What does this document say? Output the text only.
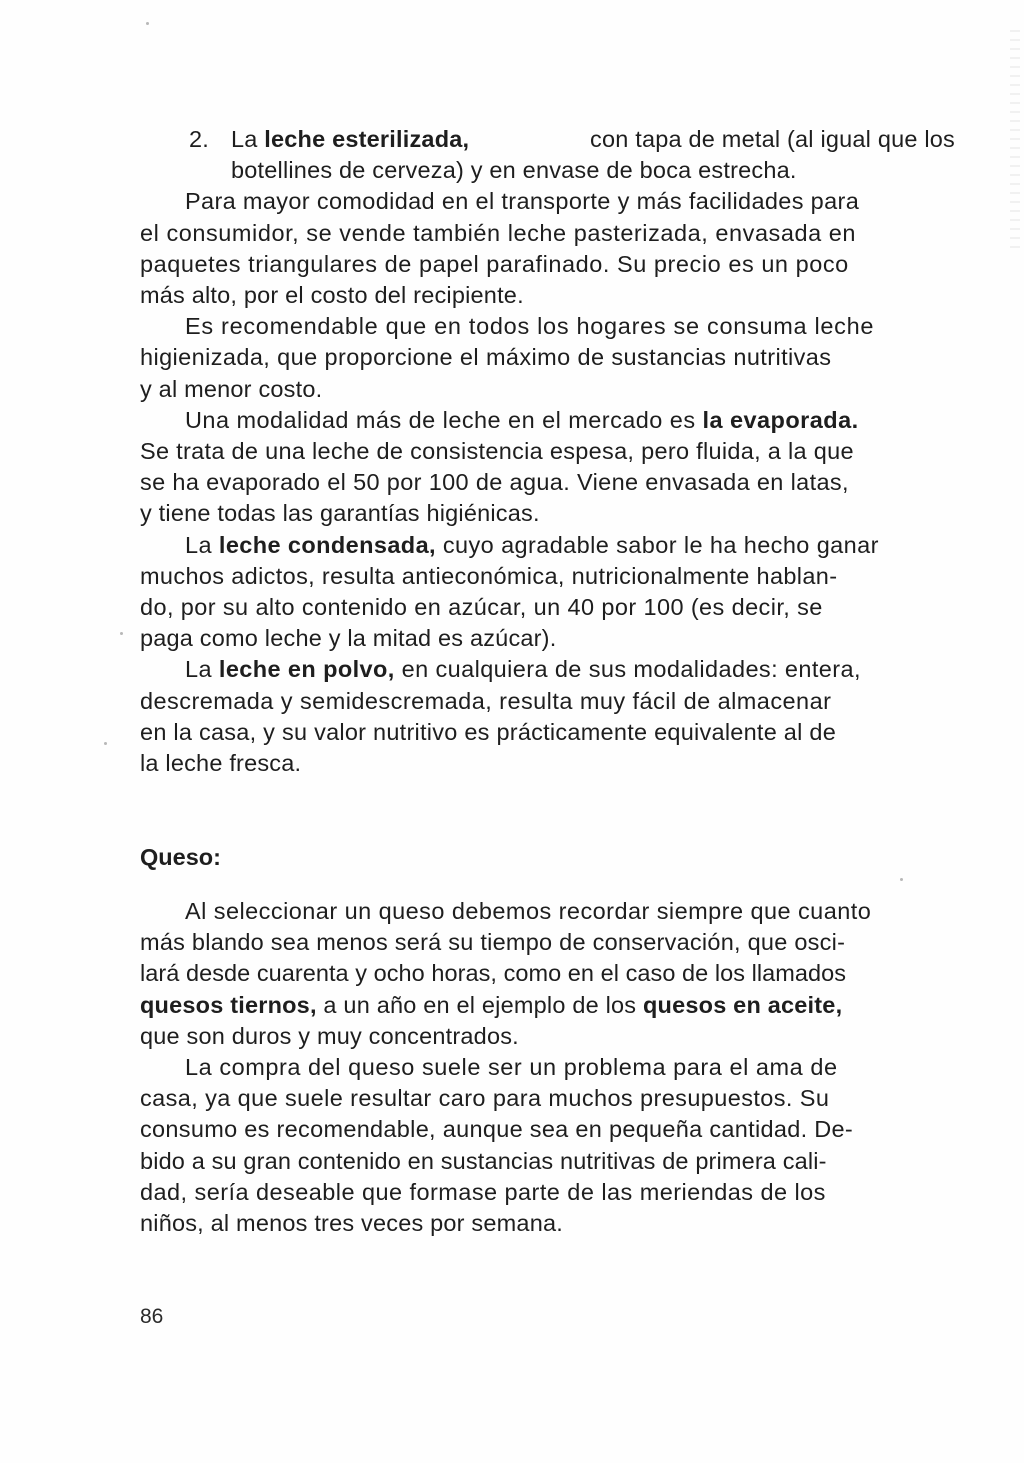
2. La leche esterilizada,	con tapa de metal (al igual que los
botellines de cerveza) y en envase de boca estrecha.
Para mayor comodidad en el transporte y más facilidades para
el consumidor, se vende también leche pasterizada, envasada en
paquetes triangulares de papel parafinado. Su precio es un poco
más alto, por el costo del recipiente.
Es recomendable que en todos los hogares se consuma leche
higienizada, que proporcione el máximo de sustancias nutritivas
y al menor costo.
Una modalidad más de leche en el mercado es la evaporada.
Se trata de una leche de consistencia espesa, pero fluida, a la que
se ha evaporado el 50 por 100 de agua. Viene envasada en latas,
y tiene todas las garantías higiénicas.
La leche condensada, cuyo agradable sabor le ha hecho ganar
muchos adictos, resulta antieconómica, nutricionalmente hablan-
do, por su alto contenido en azúcar, un 40 por 100 (es decir, se
paga como leche y la mitad es azúcar).
La leche en polvo, en cualquiera de sus modalidades: entera,
descremada y semidescremada, resulta muy fácil de almacenar
en la casa, y su valor nutritivo es prácticamente equivalente al de
la leche fresca.
Queso:
Al seleccionar un queso debemos recordar siempre que cuanto
más blando sea menos será su tiempo de conservación, que osci-
lará desde cuarenta y ocho horas, como en el caso de los llamados
quesos tiernos, a un año en el ejemplo de los quesos en aceite,
que son duros y muy concentrados.
La compra del queso suele ser un problema para el ama de
casa, ya que suele resultar caro para muchos presupuestos. Su
consumo es recomendable, aunque sea en pequeña cantidad. De-
bido a su gran contenido en sustancias nutritivas de primera cali-
dad, sería deseable que formase parte de las meriendas de los
niños, al menos tres veces por semana.
86
